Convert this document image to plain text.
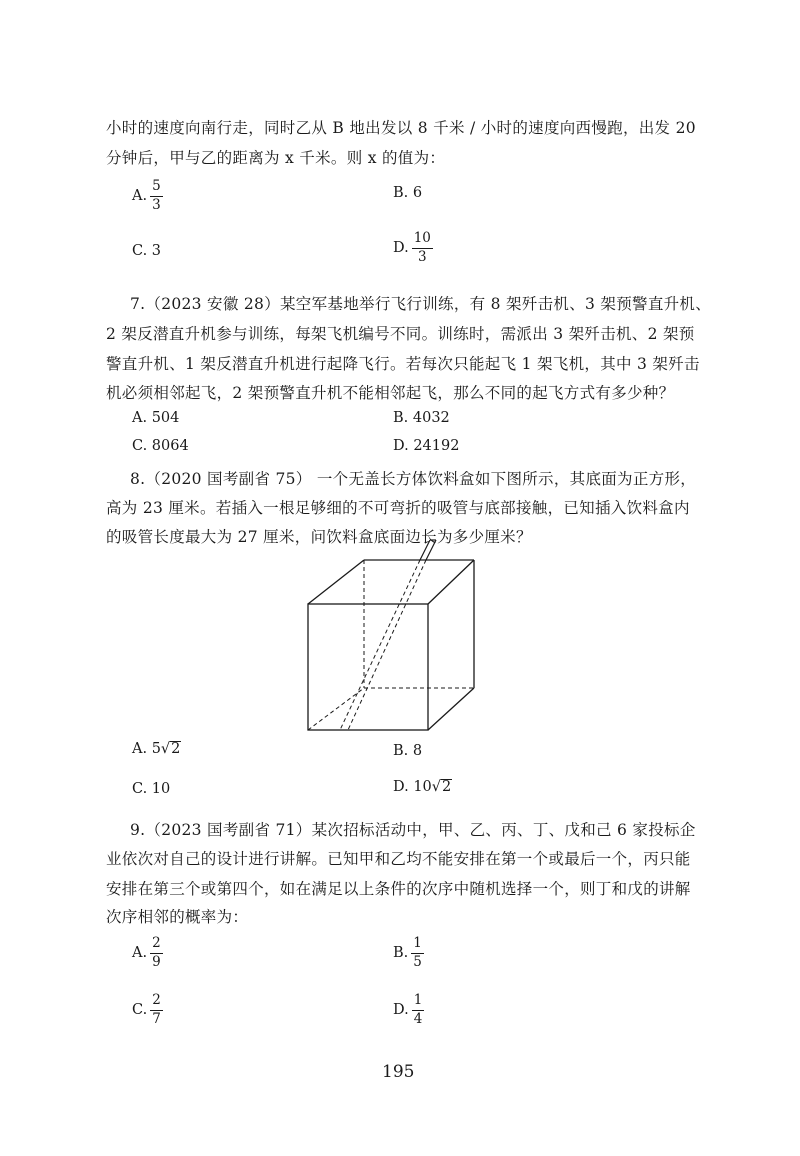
小时的速度向南行走，同时乙从 B 地出发以 8 千米 / 小时的速度向西慢跑，出发 20
分钟后，甲与乙的距离为 x 千米。则 x 的值为：
A. $\frac{5}{3}$	B. 6
C. 3	D. $\frac{10}{3}$
7.（2023 安徽 28）某空军基地举行飞行训练，有 8 架歼击机、3 架预警直升机、
2 架反潜直升机参与训练，每架飞机编号不同。训练时，需派出 3 架歼击机、2 架预
警直升机、1 架反潜直升机进行起降飞行。若每次只能起飞 1 架飞机，其中 3 架歼击
机必须相邻起飞，2 架预警直升机不能相邻起飞，那么不同的起飞方式有多少种？
A. 504	B. 4032
C. 8064	D. 24192
8.（2020 国考副省 75） 一个无盖长方体饮料盒如下图所示，其底面为正方形，
高为 23 厘米。若插入一根足够细的不可弯折的吸管与底部接触，已知插入饮料盒内
的吸管长度最大为 27 厘米，问饮料盒底面边长为多少厘米？
A. 5 √ 2	B. 8
C. 10	D. 10 √ 2
9.（2023 国考副省 71）某次招标活动中，甲、乙、丙、丁、戊和己 6 家投标企
业依次对自己的设计进行讲解。已知甲和乙均不能安排在第一个或最后一个，丙只能
安排在第三个或第四个，如在满足以上条件的次序中随机选择一个，则丁和戊的讲解
次序相邻的概率为：
A. $\frac{2}{9}$	B. $\frac{1}{5}$
C. $\frac{2}{7}$	D. $\frac{1}{4}$
195
